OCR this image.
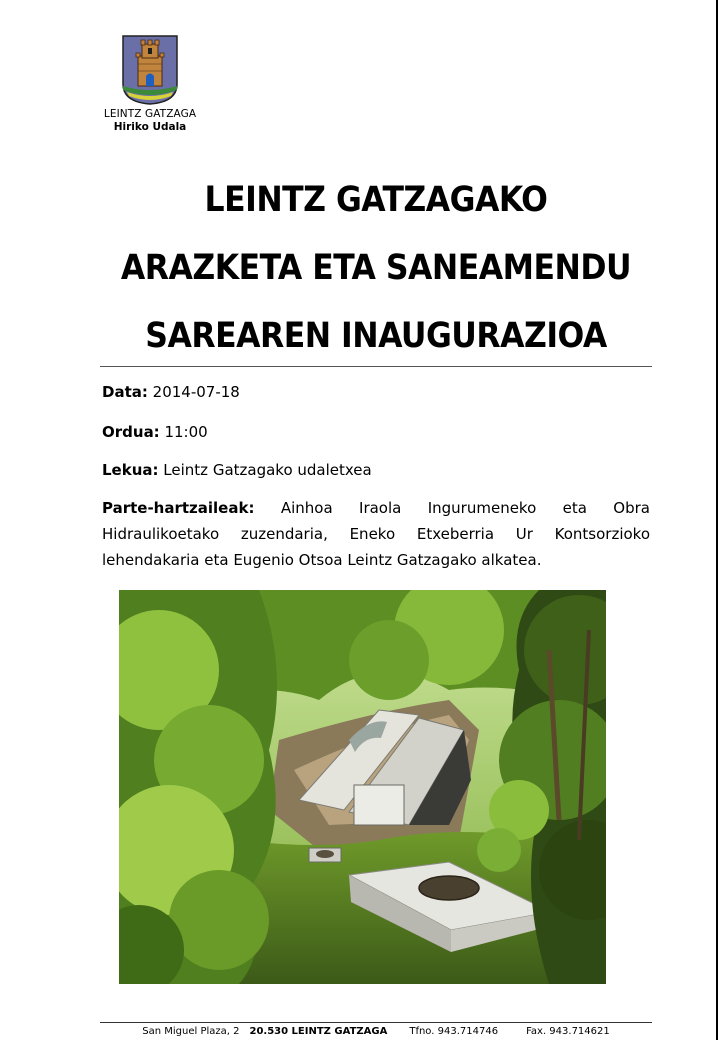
LEINTZ GATZAGA
Hiriko Udala
LEINTZ GATZAGAKO
ARAZKETA ETA SANEAMENDU
SAREAREN INAUGURAZIOA
Data: 2014-07-18
Ordua: 11:00
Lekua: Leintz Gatzagako udaletxea
Parte-hartzaileak: Ainhoa Iraola Ingurumeneko eta Obra Hidraulikoetako zuzendaria, Eneko Etxeberria Ur Kontsorzioko lehendakaria eta Eugenio Otsoa Leintz Gatzagako alkatea.
San Miguel Plaza, 2 20.530 LEINTZ GATZAGA Tfno. 943.714746	Fax. 943.714621
